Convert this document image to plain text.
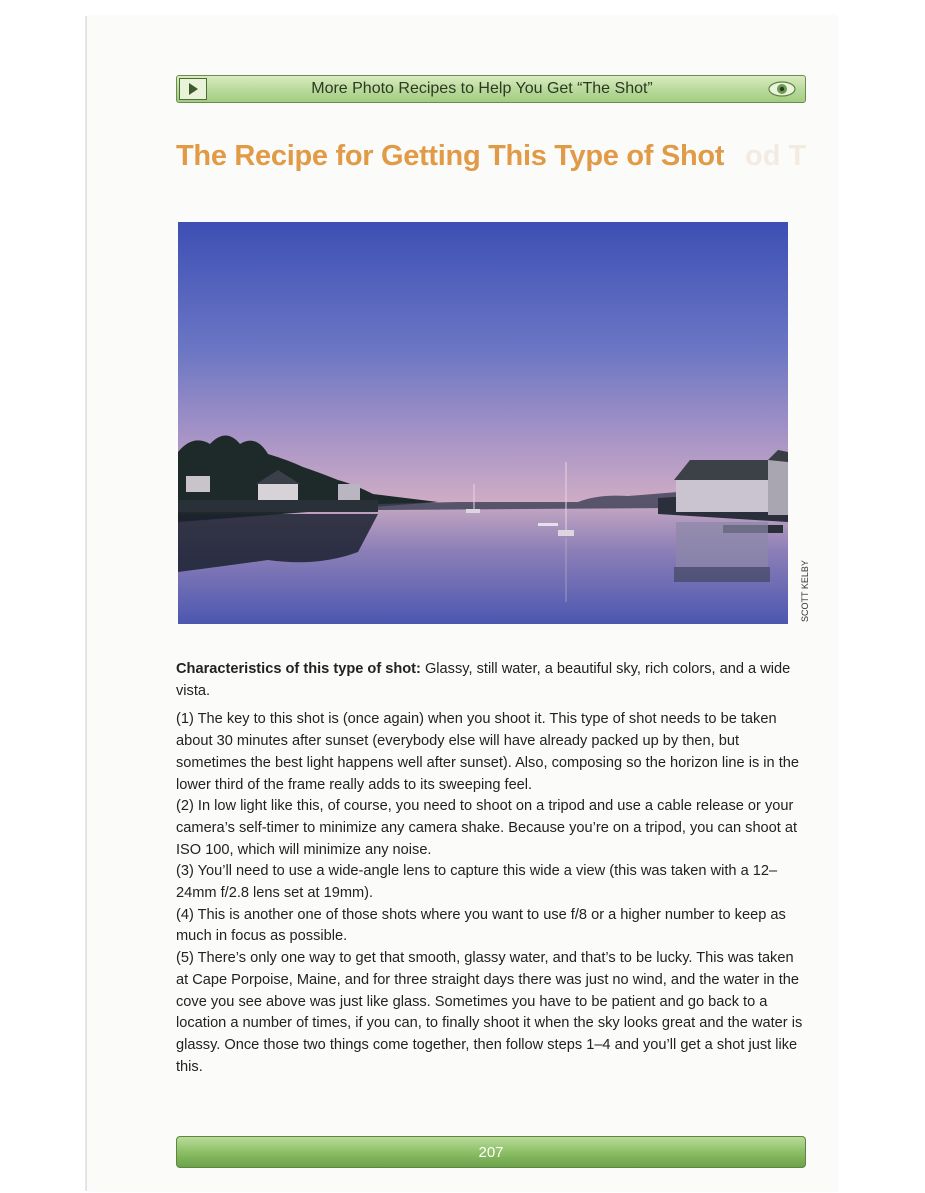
More Photo Recipes to Help You Get “The Shot”
The Recipe for Getting This Type of Shot od T
SCOTT KELBY

Characteristics of this type of shot: Glassy, still water, a beautiful sky, rich colors, and a wide vista.

(1) The key to this shot is (once again) when you shoot it. This type of shot needs to be taken about 30 minutes after sunset (everybody else will have already packed up by then, but sometimes the best light happens well after sunset). Also, composing so the horizon line is in the lower third of the frame really adds to its sweeping feel.

(2) In low light like this, of course, you need to shoot on a tripod and use a cable release or your camera’s self-timer to minimize any camera shake. Because you’re on a tripod, you can shoot at ISO 100, which will minimize any noise.

(3) You’ll need to use a wide-angle lens to capture this wide a view (this was taken with a 12–24mm f/2.8 lens set at 19mm).

(4) This is another one of those shots where you want to use f/8 or a higher number to keep as much in focus as possible.

(5) There’s only one way to get that smooth, glassy water, and that’s to be lucky. This was taken at Cape Porpoise, Maine, and for three straight days there was just no wind, and the water in the cove you see above was just like glass. Sometimes you have to be patient and go back to a location a number of times, if you can, to finally shoot it when the sky looks great and the water is glassy. Once those two things come together, then follow steps 1–4 and you’ll get a shot just like this.

207
